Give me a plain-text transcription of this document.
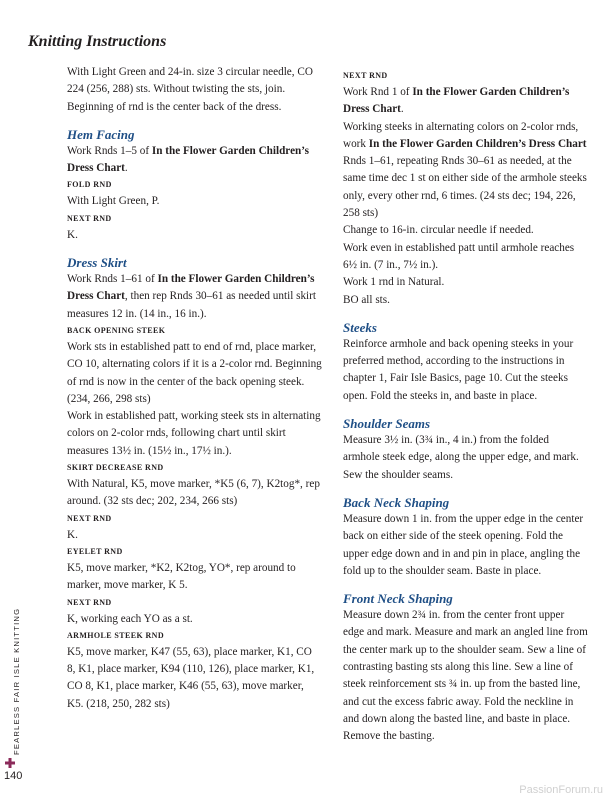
Knitting Instructions

With Light Green and 24-in. size 3 circular needle, CO 224 (256, 288) sts. Without twisting the sts, join. Beginning of rnd is the center back of the dress.

Hem Facing

Work Rnds 1–5 of In the Flower Garden Children’s Dress Chart.

FOLD RND

With Light Green, P.

NEXT RND

K.

Dress Skirt

Work Rnds 1–61 of In the Flower Garden Children’s Dress Chart, then rep Rnds 30–61 as needed until skirt measures 12 in. (14 in., 16 in.).

BACK OPENING STEEK

Work sts in established patt to end of rnd, place marker, CO 10, alternating colors if it is a 2-color rnd. Beginning of rnd is now in the center of the back opening steek. (234, 266, 298 sts)

Work in established patt, working steek sts in alternating colors on 2-color rnds, following chart until skirt measures 13½ in. (15½ in., 17½ in.).

SKIRT DECREASE RND

With Natural, K5, move marker, *K5 (6, 7), K2tog*, rep around. (32 sts dec; 202, 234, 266 sts)

NEXT RND

K.

EYELET RND

K5, move marker, *K2, K2tog, YO*, rep around to marker, move marker, K 5.

NEXT RND

K, working each YO as a st.

ARMHOLE STEEK RND

K5, move marker, K47 (55, 63), place marker, K1, CO 8, K1, place marker, K94 (110, 126), place marker, K1, CO 8, K1, place marker, K46 (55, 63), move marker, K5. (218, 250, 282 sts)

NEXT RND

Work Rnd 1 of In the Flower Garden Children’s Dress Chart.

Working steeks in alternating colors on 2-color rnds, work In the Flower Garden Children’s Dress Chart Rnds 1–61, repeating Rnds 30–61 as needed, at the same time dec 1 st on either side of the armhole steeks only, every other rnd, 6 times. (24 sts dec; 194, 226, 258 sts)

Change to 16-in. circular needle if needed.

Work even in established patt until armhole reaches 6½ in. (7 in., 7½ in.).

Work 1 rnd in Natural.

BO all sts.

Steeks

Reinforce armhole and back opening steeks in your preferred method, according to the instructions in chapter 1, Fair Isle Basics, page 10. Cut the steeks open. Fold the steeks in, and baste in place.

Shoulder Seams

Measure 3½ in. (3¾ in., 4 in.) from the folded armhole steek edge, along the upper edge, and mark. Sew the shoulder seams.

Back Neck Shaping

Measure down 1 in. from the upper edge in the center back on either side of the steek opening. Fold the upper edge down and in and pin in place, angling the fold up to the shoulder seam. Baste in place.

Front Neck Shaping

Measure down 2¾ in. from the center front upper edge and mark. Measure and mark an angled line from the center mark up to the shoulder seam. Sew a line of contrasting basting sts along this line. Sew a line of steek reinforcement sts ¾ in. up from the basted line, and cut the excess fabric away. Fold the neckline in and down along the basted line, and baste in place. Remove the basting.

FEARLESS FAIR ISLE KNITTING
140
PassionForum.ru
